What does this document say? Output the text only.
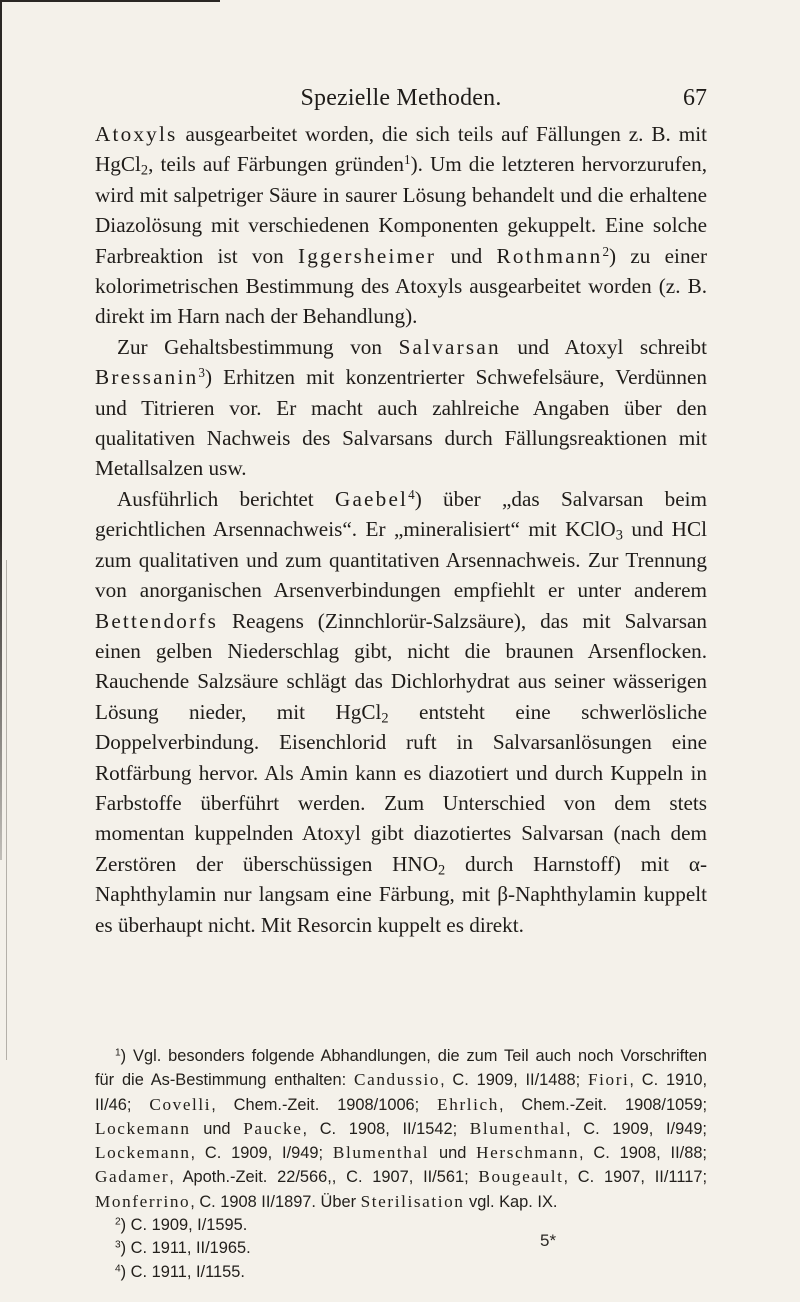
Spezielle Methoden.	67

Atoxyls ausgearbeitet worden, die sich teils auf Fällungen z. B. mit HgCl$_2$, teils auf Färbungen gründen$^1$). Um die letzteren hervorzurufen, wird mit salpetriger Säure in saurer Lösung behandelt und die erhaltene Diazolösung mit verschiedenen Komponenten gekuppelt. Eine solche Farbreaktion ist von Iggersheimer und Rothmann$^2$) zu einer kolorimetrischen Bestimmung des Atoxyls ausgearbeitet worden (z. B. direkt im Harn nach der Behandlung).

Zur Gehaltsbestimmung von Salvarsan und Atoxyl schreibt Bressanin$^3$) Erhitzen mit konzentrierter Schwefelsäure, Verdünnen und Titrieren vor. Er macht auch zahlreiche Angaben über den qualitativen Nachweis des Salvarsans durch Fällungsreaktionen mit Metallsalzen usw.

Ausführlich berichtet Gaebel$^4$) über „das Salvarsan beim gerichtlichen Arsennachweis“. Er „mineralisiert“ mit KClO$_3$ und HCl zum qualitativen und zum quantitativen Arsennachweis. Zur Trennung von anorganischen Arsenverbindungen empfiehlt er unter anderem Bettendorfs Reagens (Zinnchlorür-Salzsäure), das mit Salvarsan einen gelben Niederschlag gibt, nicht die braunen Arsenflocken. Rauchende Salzsäure schlägt das Dichlorhydrat aus seiner wässerigen Lösung nieder, mit HgCl$_2$ entsteht eine schwerlösliche Doppelverbindung. Eisenchlorid ruft in Salvarsanlösungen eine Rotfärbung hervor. Als Amin kann es diazotiert und durch Kuppeln in Farbstoffe überführt werden. Zum Unterschied von dem stets momentan kuppelnden Atoxyl gibt diazotiertes Salvarsan (nach dem Zerstören der überschüssigen $HNO_2$ durch Harnstoff) mit α-Naphthylamin nur langsam eine Färbung, mit β-Naphthylamin kuppelt es überhaupt nicht. Mit Resorcin kuppelt es direkt.

$^1$) Vgl. besonders folgende Abhandlungen, die zum Teil auch noch Vorschriften für die As-Bestimmung enthalten: Candussio, C. 1909, II/1488; Fiori, C. 1910, II/46; Covelli, Chem.-Zeit. 1908/1006; Ehrlich, Chem.-Zeit. 1908/1059; Lockemann und Paucke, C. 1908, II/1542; Blumenthal, C. 1909, I/949; Lockemann, C. 1909, I/949; Blumenthal und Herschmann, C. 1908, II/88; Gadamer, Apoth.-Zeit. 22/566,, C. 1907, II/561; Bougeault, C. 1907, II/1117; Monferrino, C. 1908 II/1897. Über Sterilisation vgl. Kap. IX.

$^2$) C. 1909, I/1595.

$^3$) C. 1911, II/1965.

$^4$) C. 1911, I/1155.

5*
